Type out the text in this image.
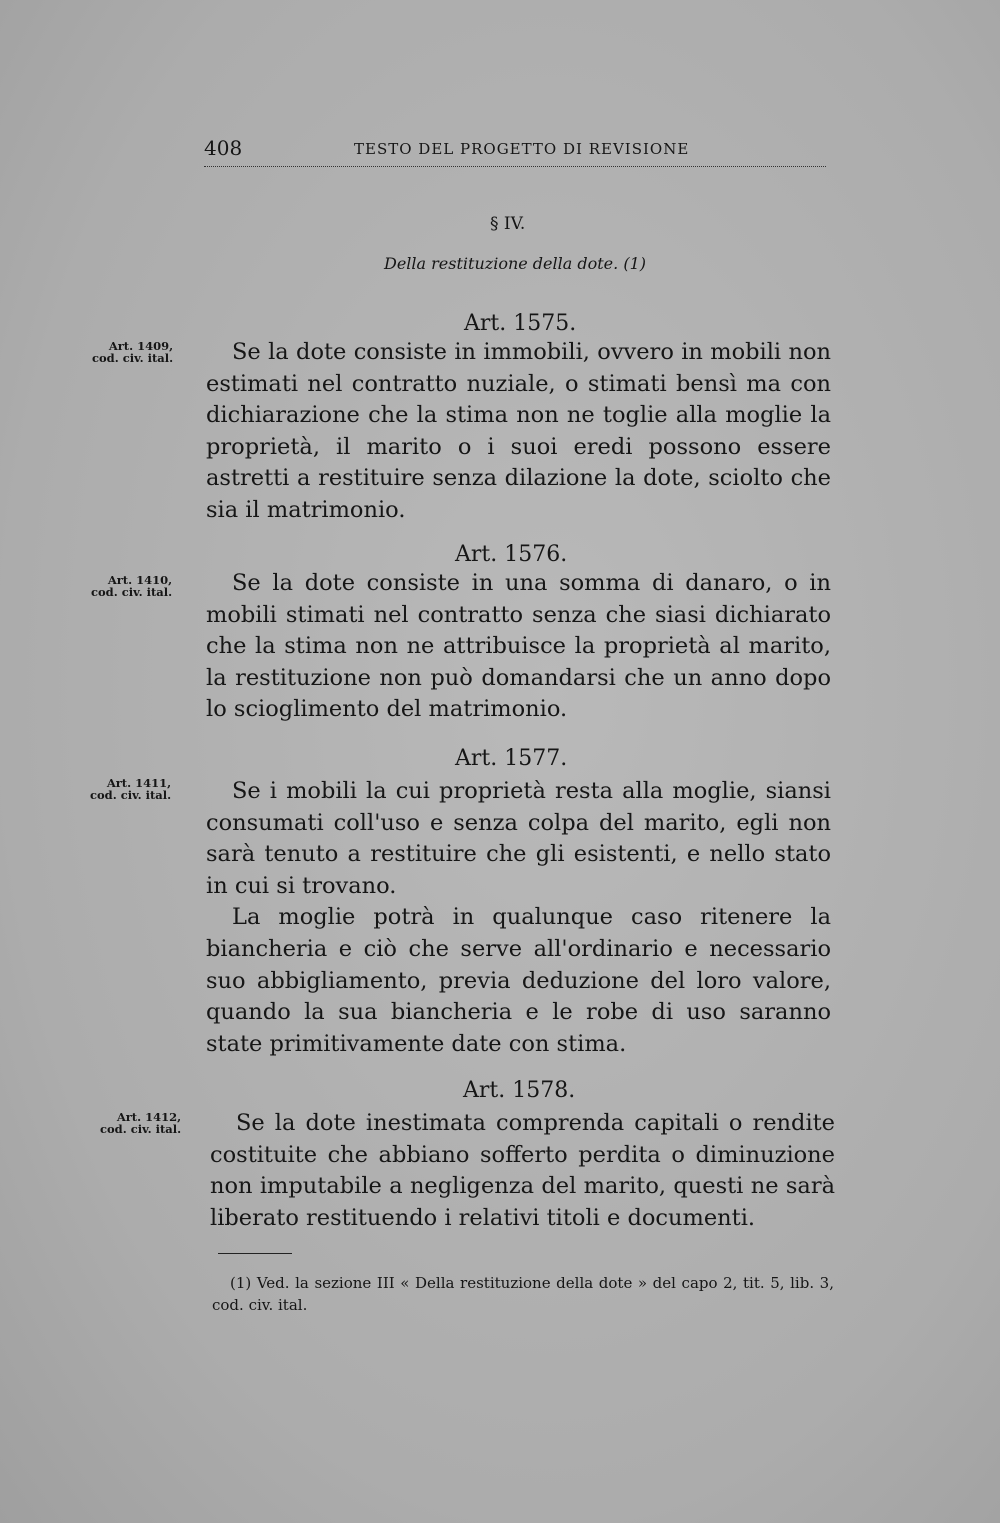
408	TESTO DEL PROGETTO DI REVISIONE
§ IV.
Della restituzione della dote. (1)
Art. 1575.
Art. 1409,
cod. civ. ital.	Se la dote consiste in immobili, ovvero in mobili non estimati nel contratto nuziale, o stimati bensì ma con dichiarazione che la stima non ne toglie alla moglie la proprietà, il marito o i suoi eredi possono essere astretti a restituire senza dilazione la dote, sciolto che sia il matrimonio.

Art. 1576.
Art. 1410,
cod. civ. ital.	Se la dote consiste in una somma di danaro, o in mobili stimati nel contratto senza che siasi dichiarato che la stima non ne attribuisce la proprietà al marito, la restituzione non può domandarsi che un anno dopo lo scioglimento del matrimonio.

Art. 1577.
Art. 1411,
cod. civ. ital.	Se i mobili la cui proprietà resta alla moglie, siansi consumati coll'uso e senza colpa del marito, egli non sarà tenuto a restituire che gli esistenti, e nello stato in cui si trovano.

La moglie potrà in qualunque caso ritenere la biancheria e ciò che serve all'ordinario e necessario suo abbigliamento, previa deduzione del loro valore, quando la sua biancheria e le robe di uso saranno state primitivamente date con stima.

Art. 1578.
Art. 1412,
cod. civ. ital.	Se la dote inestimata comprenda capitali o rendite costituite che abbiano sofferto perdita o diminuzione non imputabile a negligenza del marito, questi ne sarà liberato restituendo i relativi titoli e documenti.

(1) Ved. la sezione III « Della restituzione della dote » del capo 2, tit. 5, lib. 3, cod. civ. ital.
